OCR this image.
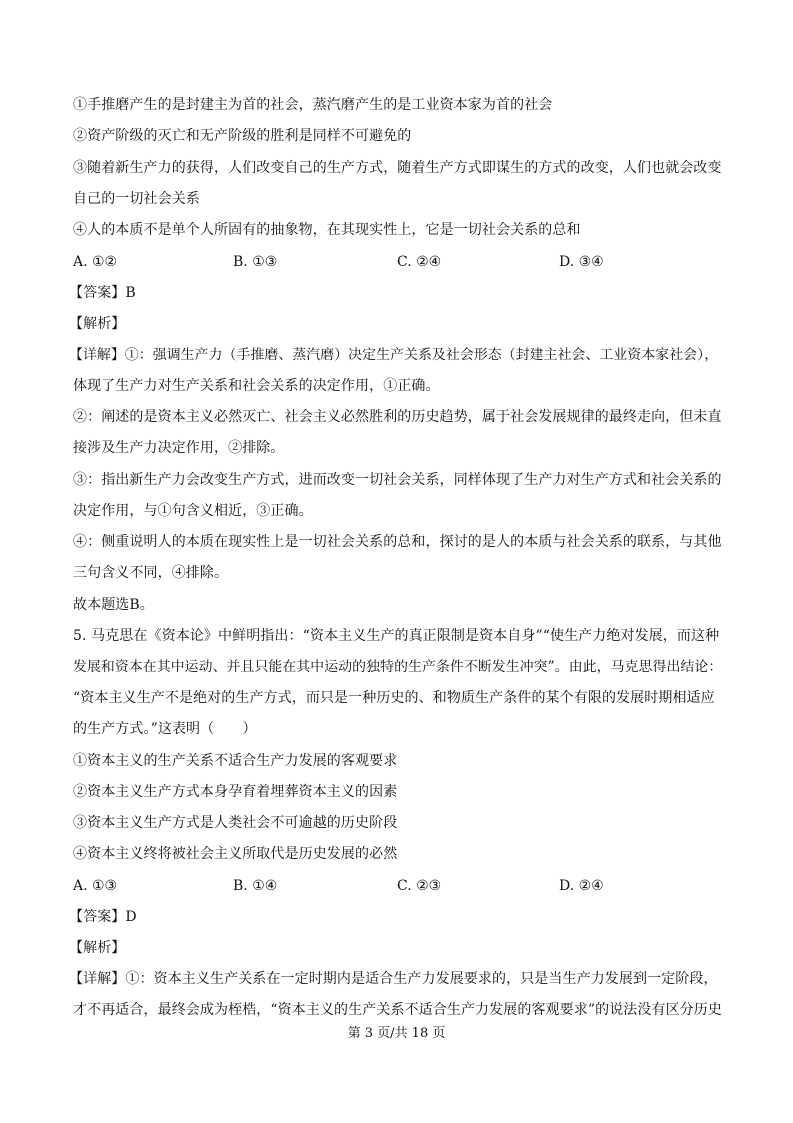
①手推磨产生的是封建主为首的社会，蒸汽磨产生的是工业资本家为首的社会
②资产阶级的灭亡和无产阶级的胜利是同样不可避免的
③随着新生产力的获得，人们改变自己的生产方式，随着生产方式即谋生的方式的改变，人们也就会改变
自己的一切社会关系
④人的本质不是单个人所固有的抽象物，在其现实性上，它是一切社会关系的总和
A. ①②	B. ①③	C. ②④	D. ③④
【答案】B
【解析】
【详解】①：强调生产力（手推磨、蒸汽磨）决定生产关系及社会形态（封建主社会、工业资本家社会），
体现了生产力对生产关系和社会关系的决定作用，①正确。
②：阐述的是资本主义必然灭亡、社会主义必然胜利的历史趋势，属于社会发展规律的最终走向，但未直
接涉及生产力决定作用，②排除。
③：指出新生产力会改变生产方式，进而改变一切社会关系，同样体现了生产力对生产方式和社会关系的
决定作用，与①句含义相近，③正确。
④：侧重说明人的本质在现实性上是一切社会关系的总和，探讨的是人的本质与社会关系的联系，与其他
三句含义不同，④排除。
故本题选B。
5. 马克思在《资本论》中鲜明指出：“资本主义生产的真正限制是资本自身”“使生产力绝对发展，而这种
发展和资本在其中运动、并且只能在其中运动的独特的生产条件不断发生冲突”。由此，马克思得出结论：
“资本主义生产不是绝对的生产方式，而只是一种历史的、和物质生产条件的某个有限的发展时期相适应
的生产方式。”这表明（　　）
①资本主义的生产关系不适合生产力发展的客观要求
②资本主义生产方式本身孕育着埋葬资本主义的因素
③资本主义生产方式是人类社会不可逾越的历史阶段
④资本主义终将被社会主义所取代是历史发展的必然
A. ①③	B. ①④	C. ②③	D. ②④
【答案】D
【解析】
【详解】①：资本主义生产关系在一定时期内是适合生产力发展要求的，只是当生产力发展到一定阶段，
才不再适合，最终会成为桎梏，“资本主义的生产关系不适合生产力发展的客观要求”的说法没有区分历史
第 3 页/共 18 页
